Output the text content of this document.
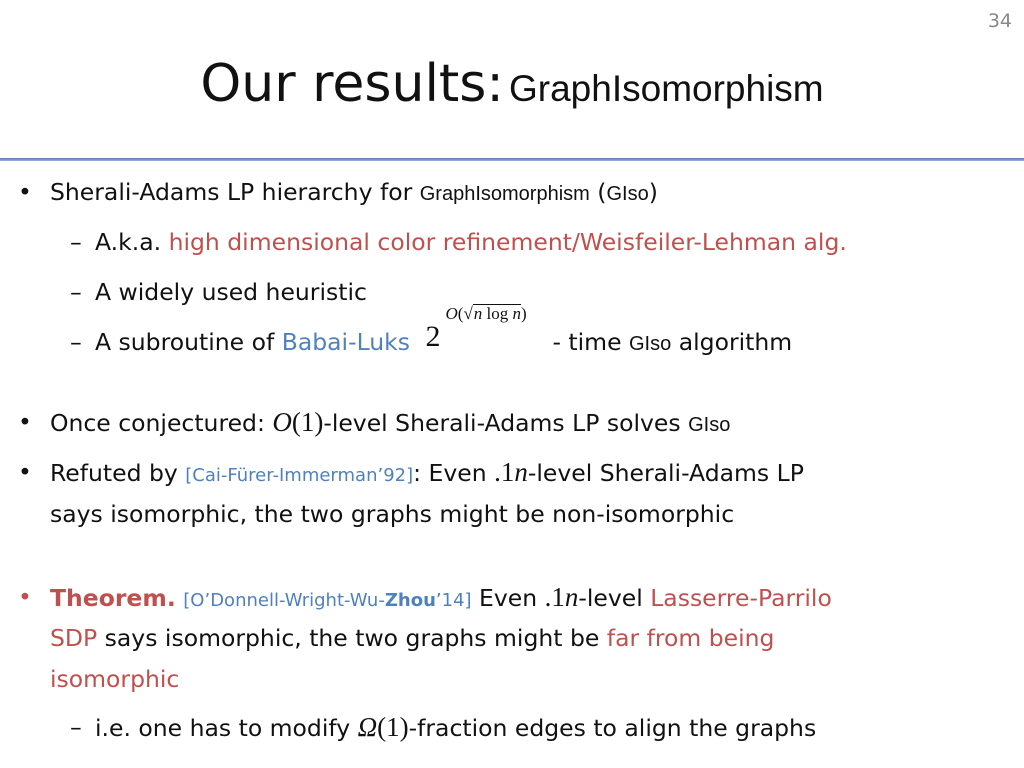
34
Our results: GraphIsomorphism
• Sherali-Adams LP hierarchy for GraphIsomorphism (GIso)
– A.k.a. high dimensional color refinement/Weisfeiler-Lehman alg.
– A widely used heuristic
– A subroutine of Babai-Luks 2
O(√n log n)
- time GIso algorithm
• Once conjectured: O(1)-level Sherali-Adams LP solves GIso
• Refuted by [Cai-Fürer-Immerman’92]: Even .1n-level Sherali-Adams LP
says isomorphic, the two graphs might be non-isomorphic
• Theorem. [O’Donnell-Wright-Wu-Zhou’14] Even .1n-level Lasserre-Parrilo
SDP says isomorphic, the two graphs might be far from being
isomorphic
– i.e. one has to modify Ω(1)-fraction edges to align the graphs
